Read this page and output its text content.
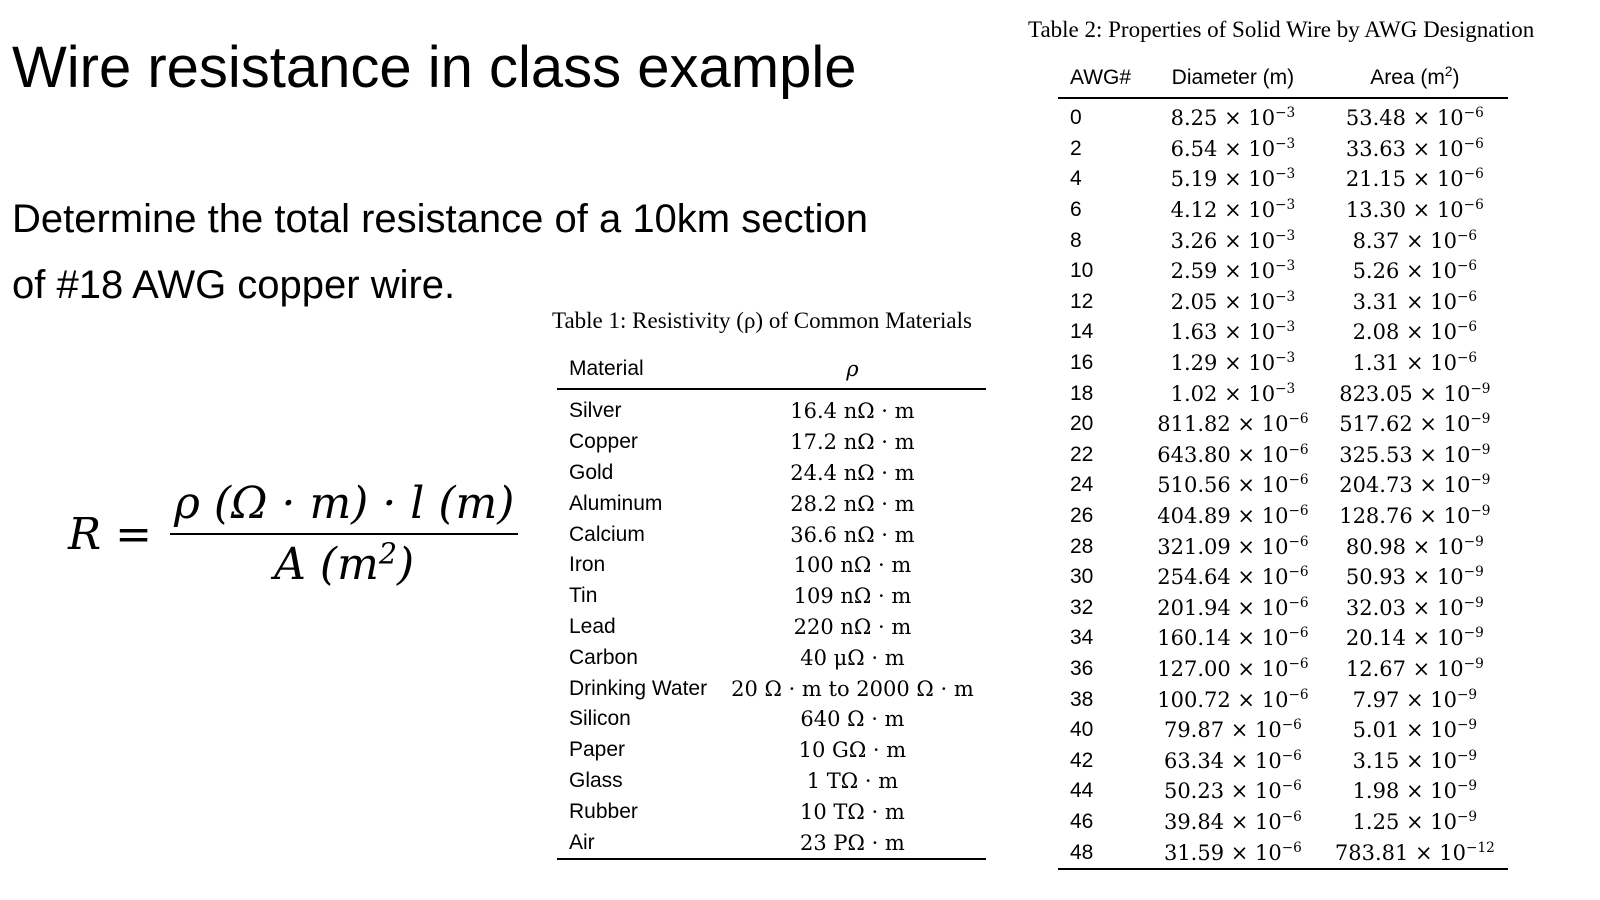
Wire resistance in class example
Determine the total resistance of a 10km section
of #18 AWG copper wire.
$R = \frac{\rho (\Omega \cdot m) \cdot l (m)}{A (m^2)}$
Table 1: Resistivity (ρ) of Common Materials
Material	ρ
Silver	16.4 nΩ · m
Copper	17.2 nΩ · m
Gold	24.4 nΩ · m
Aluminum	28.2 nΩ · m
Calcium	36.6 nΩ · m
Iron	100 nΩ · m
Tin	109 nΩ · m
Lead	220 nΩ · m
Carbon	40 μΩ · m
Drinking Water	20 Ω · m to 2000 Ω · m
Silicon	640 Ω · m
Paper	10 GΩ · m
Glass	1 TΩ · m
Rubber	10 TΩ · m
Air	23 PΩ · m
Table 2: Properties of Solid Wire by AWG Designation
AWG#	Diameter (m)	Area $(m^2)$
0	$8.25 \times 10^{-3}$	$53.48 \times 10^{-6}$
2	$6.54 \times 10^{-3}$	$33.63 \times 10^{-6}$
4	$5.19 \times 10^{-3}$	$21.15 \times 10^{-6}$
6	$4.12 \times 10^{-3}$	$13.30 \times 10^{-6}$
8	$3.26 \times 10^{-3}$	$8.37 \times 10^{-6}$
10	$2.59 \times 10^{-3}$	$5.26 \times 10^{-6}$
12	$2.05 \times 10^{-3}$	$3.31 \times 10^{-6}$
14	$1.63 \times 10^{-3}$	$2.08 \times 10^{-6}$
16	$1.29 \times 10^{-3}$	$1.31 \times 10^{-6}$
18	$1.02 \times 10^{-3}$	$823.05 \times 10^{-9}$
20	$811.82 \times 10^{-6}$	$517.62 \times 10^{-9}$
22	$643.80 \times 10^{-6}$	$325.53 \times 10^{-9}$
24	$510.56 \times 10^{-6}$	$204.73 \times 10^{-9}$
26	$404.89 \times 10^{-6}$	$128.76 \times 10^{-9}$
28	$321.09 \times 10^{-6}$	$80.98 \times 10^{-9}$
30	$254.64 \times 10^{-6}$	$50.93 \times 10^{-9}$
32	$201.94 \times 10^{-6}$	$32.03 \times 10^{-9}$
34	$160.14 \times 10^{-6}$	$20.14 \times 10^{-9}$
36	$127.00 \times 10^{-6}$	$12.67 \times 10^{-9}$
38	$100.72 \times 10^{-6}$	$7.97 \times 10^{-9}$
40	$79.87 \times 10^{-6}$	$5.01 \times 10^{-9}$
42	$63.34 \times 10^{-6}$	$3.15 \times 10^{-9}$
44	$50.23 \times 10^{-6}$	$1.98 \times 10^{-9}$
46	$39.84 \times 10^{-6}$	$1.25 \times 10^{-9}$
48	$31.59 \times 10^{-6}$	$783.81 \times 10^{-12}$
